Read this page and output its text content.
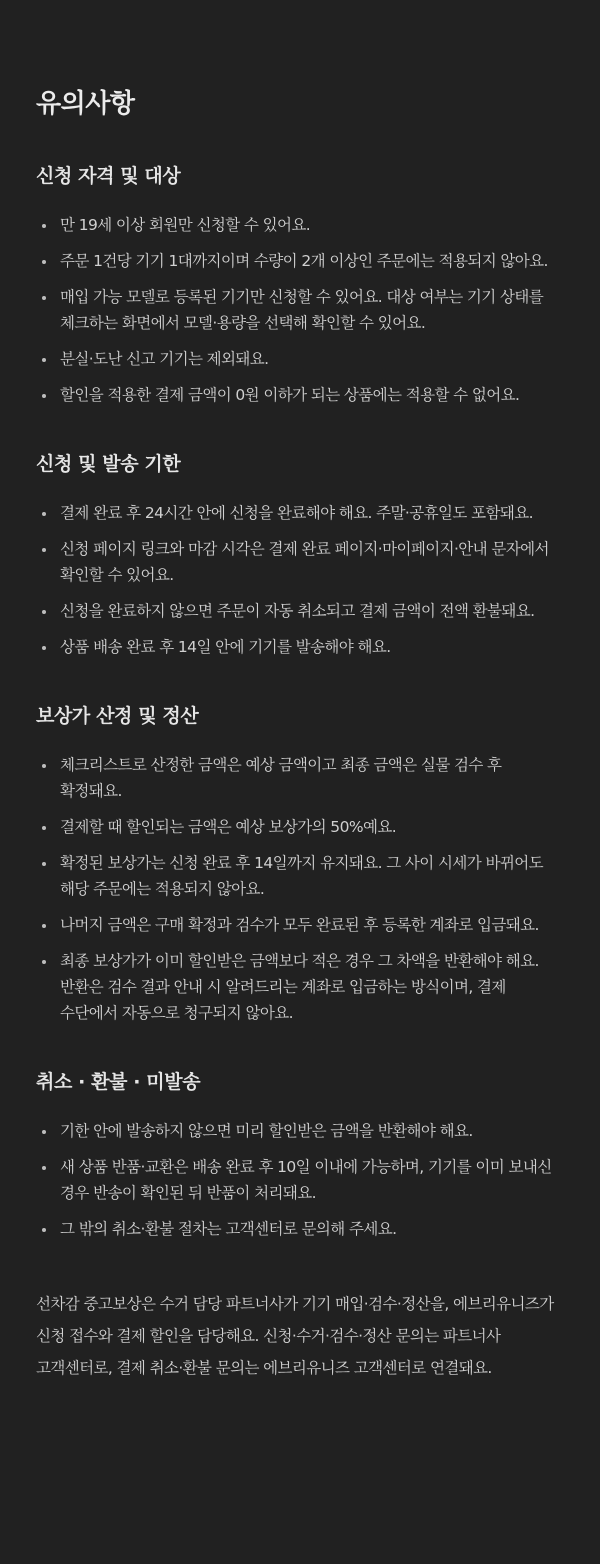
유의사항
신청 자격 및 대상
만 19세 이상 회원만 신청할 수 있어요.
주문 1건당 기기 1대까지이며 수량이 2개 이상인 주문에는 적용되지 않아요.
매입 가능 모델로 등록된 기기만 신청할 수 있어요. 대상 여부는 기기 상태를 체크하는 화면에서 모델·용량을 선택해 확인할 수 있어요.
분실·도난 신고 기기는 제외돼요.
할인을 적용한 결제 금액이 0원 이하가 되는 상품에는 적용할 수 없어요.
신청 및 발송 기한
결제 완료 후 24시간 안에 신청을 완료해야 해요. 주말·공휴일도 포함돼요.
신청 페이지 링크와 마감 시각은 결제 완료 페이지·마이페이지·안내 문자에서 확인할 수 있어요.
신청을 완료하지 않으면 주문이 자동 취소되고 결제 금액이 전액 환불돼요.
상품 배송 완료 후 14일 안에 기기를 발송해야 해요.
보상가 산정 및 정산
체크리스트로 산정한 금액은 예상 금액이고 최종 금액은 실물 검수 후 확정돼요.
결제할 때 할인되는 금액은 예상 보상가의 50%예요.
확정된 보상가는 신청 완료 후 14일까지 유지돼요. 그 사이 시세가 바뀌어도 해당 주문에는 적용되지 않아요.
나머지 금액은 구매 확정과 검수가 모두 완료된 후 등록한 계좌로 입금돼요.
최종 보상가가 이미 할인받은 금액보다 적은 경우 그 차액을 반환해야 해요. 반환은 검수 결과 안내 시 알려드리는 계좌로 입금하는 방식이며, 결제 수단에서 자동으로 청구되지 않아요.
취소 · 환불 · 미발송
기한 안에 발송하지 않으면 미리 할인받은 금액을 반환해야 해요.
새 상품 반품·교환은 배송 완료 후 10일 이내에 가능하며, 기기를 이미 보내신 경우 반송이 확인된 뒤 반품이 처리돼요.
그 밖의 취소·환불 절차는 고객센터로 문의해 주세요.

선차감 중고보상은 수거 담당 파트너사가 기기 매입·검수·정산을, 에브리유니즈가 신청 접수와 결제 할인을 담당해요. 신청·수거·검수·정산 문의는 파트너사 고객센터로, 결제 취소·환불 문의는 에브리유니즈 고객센터로 연결돼요.
